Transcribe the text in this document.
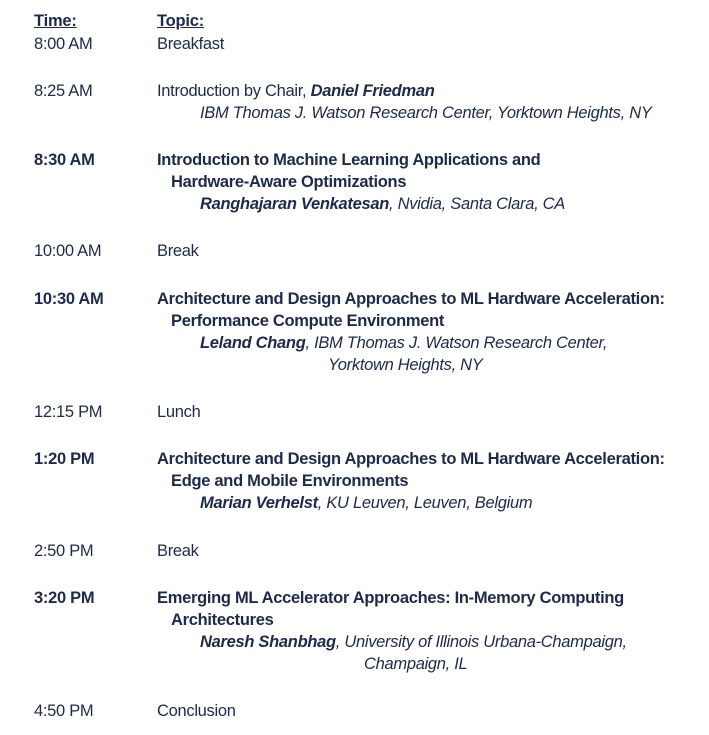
Time:	Topic:
8:00 AM	Breakfast
8:25 AM	Introduction by Chair, Daniel Friedman
IBM Thomas J. Watson Research Center, Yorktown Heights, NY
8:30 AM	Introduction to Machine Learning Applications and
Hardware-Aware Optimizations
Ranghajaran Venkatesan, Nvidia, Santa Clara, CA
10:00 AM	Break
10:30 AM	Architecture and Design Approaches to ML Hardware Acceleration:
Performance Compute Environment
Leland Chang, IBM Thomas J. Watson Research Center,
Yorktown Heights, NY
12:15 PM	Lunch
1:20 PM	Architecture and Design Approaches to ML Hardware Acceleration:
Edge and Mobile Environments
Marian Verhelst, KU Leuven, Leuven, Belgium
2:50 PM	Break
3:20 PM	Emerging ML Accelerator Approaches: In-Memory Computing
Architectures
Naresh Shanbhag, University of Illinois Urbana-Champaign,
Champaign, IL
4:50 PM	Conclusion
